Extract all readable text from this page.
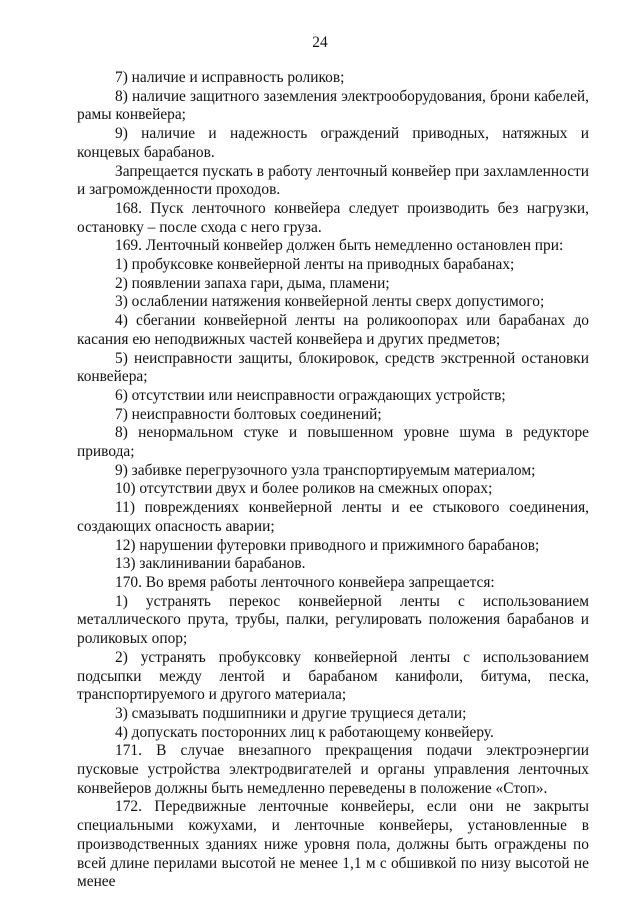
24

7) наличие и исправность роликов;

8) наличие защитного заземления электрооборудования, брони кабелей, рамы конвейера;

9) наличие и надежность ограждений приводных, натяжных и концевых барабанов.

Запрещается пускать в работу ленточный конвейер при захламленности и загроможденности проходов.

168. Пуск ленточного конвейера следует производить без нагрузки, остановку – после схода с него груза.

169. Ленточный конвейер должен быть немедленно остановлен при:

1) пробуксовке конвейерной ленты на приводных барабанах;

2) появлении запаха гари, дыма, пламени;

3) ослаблении натяжения конвейерной ленты сверх допустимого;

4) сбегании конвейерной ленты на роликоопорах или барабанах до касания ею неподвижных частей конвейера и других предметов;

5) неисправности защиты, блокировок, средств экстренной остановки конвейера;

6) отсутствии или неисправности ограждающих устройств;

7) неисправности болтовых соединений;

8) ненормальном стуке и повышенном уровне шума в редукторе привода;

9) забивке перегрузочного узла транспортируемым материалом;

10) отсутствии двух и более роликов на смежных опорах;

11) повреждениях конвейерной ленты и ее стыкового соединения, создающих опасность аварии;

12) нарушении футеровки приводного и прижимного барабанов;

13) заклинивании барабанов.

170. Во время работы ленточного конвейера запрещается:

1) устранять перекос конвейерной ленты с использованием металлического прута, трубы, палки, регулировать положения барабанов и роликовых опор;

2) устранять пробуксовку конвейерной ленты с использованием подсыпки между лентой и барабаном канифоли, битума, песка, транспортируемого и другого материала;

3) смазывать подшипники и другие трущиеся детали;

4) допускать посторонних лиц к работающему конвейеру.

171. В случае внезапного прекращения подачи электроэнергии пусковые устройства электродвигателей и органы управления ленточных конвейеров должны быть немедленно переведены в положение «Стоп».

172. Передвижные ленточные конвейеры, если они не закрыты специальными кожухами, и ленточные конвейеры, установленные в производственных зданиях ниже уровня пола, должны быть ограждены по всей длине перилами высотой не менее 1,1 м с обшивкой по низу высотой не менее
